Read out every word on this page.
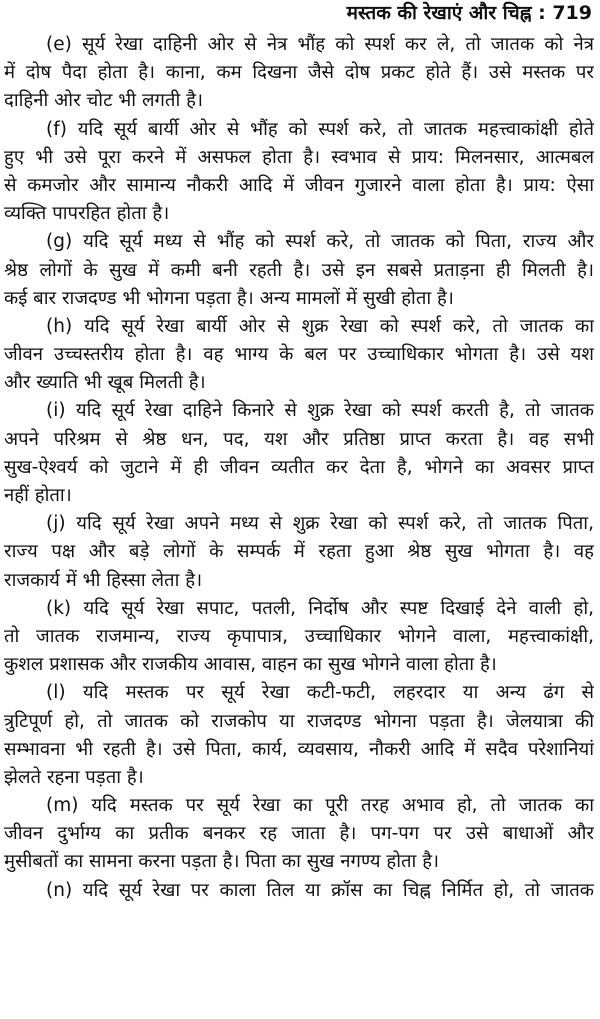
मस्तक की रेखाएं और चिह्न : 719
(e) सूर्य रेखा दाहिनी ओर से नेत्र भौंह को स्पर्श कर ले, तो जातक को नेत्र
में दोष पैदा होता है। काना, कम दिखना जैसे दोष प्रकट होते हैं। उसे मस्तक पर
दाहिनी ओर चोट भी लगती है।
(f) यदि सूर्य बार्यी ओर से भौंह को स्पर्श करे, तो जातक महत्त्वाकांक्षी होते
हुए भी उसे पूरा करने में असफल होता है। स्वभाव से प्राय: मिलनसार, आत्मबल
से कमजोर और सामान्य नौकरी आदि में जीवन गुजारने वाला होता है। प्राय: ऐसा
व्यक्ति पापरहित होता है।
(g) यदि सूर्य मध्य से भौंह को स्पर्श करे, तो जातक को पिता, राज्य और
श्रेष्ठ लोगों के सुख में कमी बनी रहती है। उसे इन सबसे प्रताड़ना ही मिलती है।
कई बार राजदण्ड भी भोगना पड़ता है। अन्य मामलों में सुखी होता है।
(h) यदि सूर्य रेखा बार्यी ओर से शुक्र रेखा को स्पर्श करे, तो जातक का
जीवन उच्चस्तरीय होता है। वह भाग्य के बल पर उच्चाधिकार भोगता है। उसे यश
और ख्याति भी खूब मिलती है।
(i) यदि सूर्य रेखा दाहिने किनारे से शुक्र रेखा को स्पर्श करती है, तो जातक
अपने परिश्रम से श्रेष्ठ धन, पद, यश और प्रतिष्ठा प्राप्त करता है। वह सभी
सुख-ऐश्वर्य को जुटाने में ही जीवन व्यतीत कर देता है, भोगने का अवसर प्राप्त
नहीं होता।
(j) यदि सूर्य रेखा अपने मध्य से शुक्र रेखा को स्पर्श करे, तो जातक पिता,
राज्य पक्ष और बड़े लोगों के सम्पर्क में रहता हुआ श्रेष्ठ सुख भोगता है। वह
राजकार्य में भी हिस्सा लेता है।
(k) यदि सूर्य रेखा सपाट, पतली, निर्दोष और स्पष्ट दिखाई देने वाली हो,
तो जातक राजमान्य, राज्य कृपापात्र, उच्चाधिकार भोगने वाला, महत्त्वाकांक्षी,
कुशल प्रशासक और राजकीय आवास, वाहन का सुख भोगने वाला होता है।
(l) यदि मस्तक पर सूर्य रेखा कटी-फटी, लहरदार या अन्य ढंग से
त्रुटिपूर्ण हो, तो जातक को राजकोप या राजदण्ड भोगना पड़ता है। जेलयात्रा की
सम्भावना भी रहती है। उसे पिता, कार्य, व्यवसाय, नौकरी आदि में सदैव परेशानियां
झेलते रहना पड़ता है।
(m) यदि मस्तक पर सूर्य रेखा का पूरी तरह अभाव हो, तो जातक का
जीवन दुर्भाग्य का प्रतीक बनकर रह जाता है। पग-पग पर उसे बाधाओं और
मुसीबतों का सामना करना पड़ता है। पिता का सुख नगण्य होता है।
(n) यदि सूर्य रेखा पर काला तिल या क्रॉस का चिह्न निर्मित हो, तो जातक
